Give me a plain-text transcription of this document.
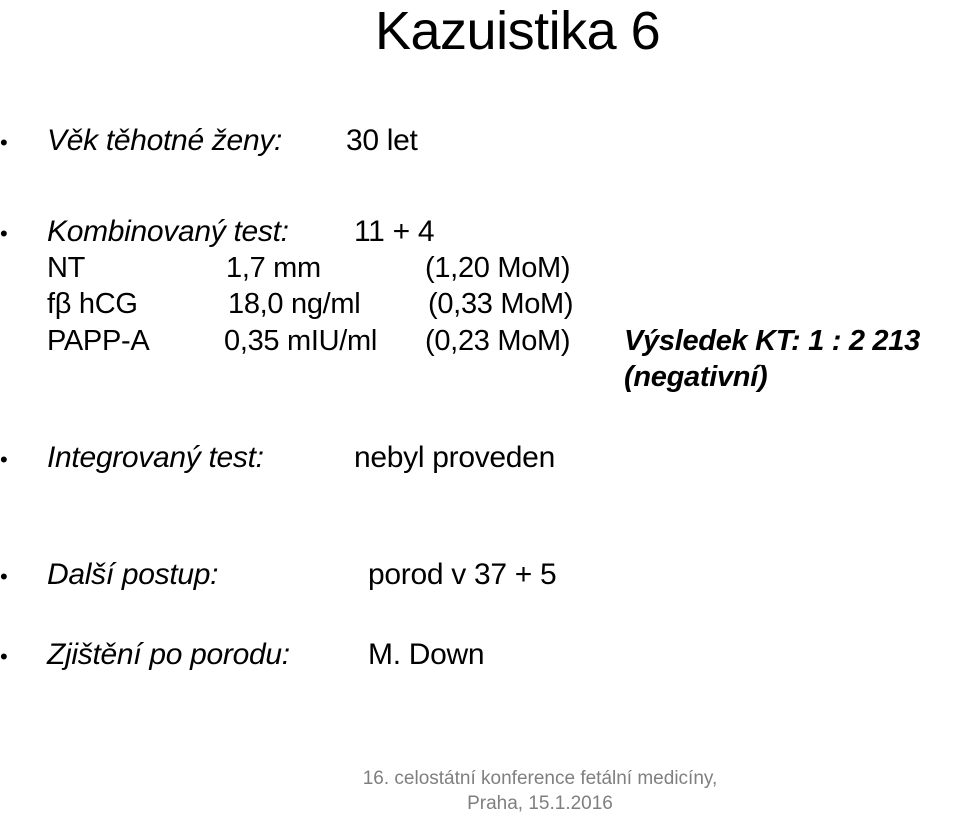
Kazuistika 6
• Věk těhotné ženy: 30 let
• Kombinovaný test: 11 + 4
NT	1,7 mm	(1,20 MoM)
fβ hCG	18,0 ng/ml (0,33 MoM)
PAPP-A	0,35 mIU/ml (0,23 MoM) Výsledek KT: 1 : 2 213
(negativní)
• Integrovaný test:	nebyl proveden
• Další postup:	porod v 37 + 5
• Zjištění po porodu:	M. Down
16. celostátní konference fetální medicíny,
Praha, 15.1.2016
